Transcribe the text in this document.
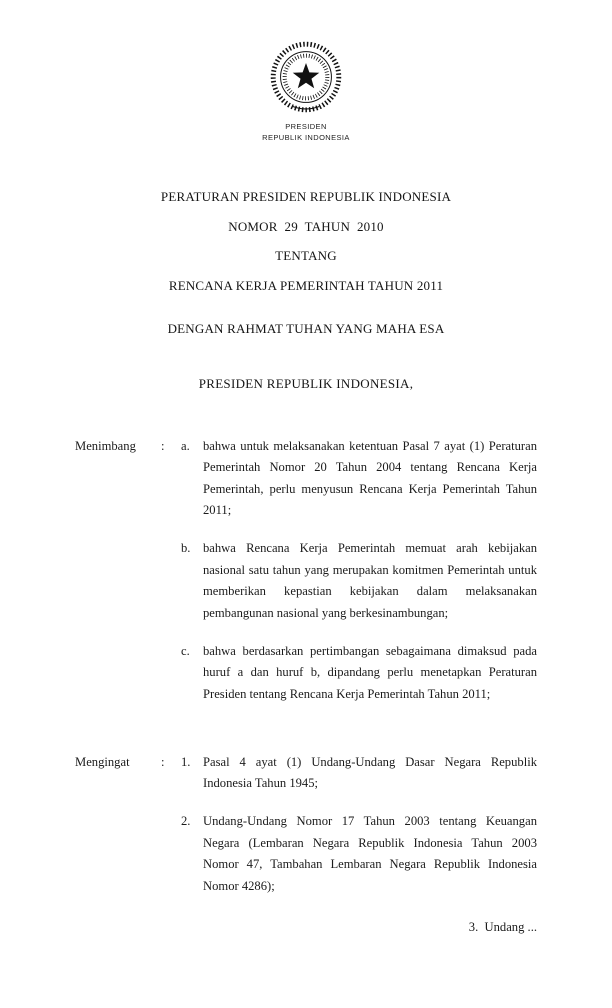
PRESIDEN
REPUBLIK INDONESIA
PERATURAN PRESIDEN REPUBLIK INDONESIA
NOMOR  29  TAHUN  2010
TENTANG
RENCANA KERJA PEMERINTAH TAHUN 2011
DENGAN RAHMAT TUHAN YANG MAHA ESA
PRESIDEN REPUBLIK INDONESIA,
Menimbang	:	a.	bahwa untuk melaksanakan ketentuan Pasal 7 ayat (1) Peraturan Pemerintah Nomor 20 Tahun 2004 tentang Rencana Kerja Pemerintah, perlu menyusun Rencana Kerja Pemerintah Tahun 2011;

b. bahwa Rencana Kerja Pemerintah memuat arah kebijakan nasional satu tahun yang merupakan komitmen Pemerintah untuk memberikan kepastian kebijakan dalam melaksanakan pembangunan nasional yang berkesinambungan;

c.	bahwa berdasarkan pertimbangan sebagaimana dimaksud pada huruf a dan huruf b, dipandang perlu menetapkan Peraturan Presiden tentang Rencana Kerja Pemerintah Tahun 2011;

Mengingat	:	1. Pasal 4 ayat (1) Undang-Undang Dasar Negara Republik Indonesia Tahun 1945;

2. Undang-Undang Nomor 17 Tahun 2003 tentang Keuangan Negara (Lembaran Negara Republik Indonesia Tahun 2003 Nomor 47, Tambahan Lembaran Negara Republik Indonesia Nomor 4286);

3.  Undang ...
